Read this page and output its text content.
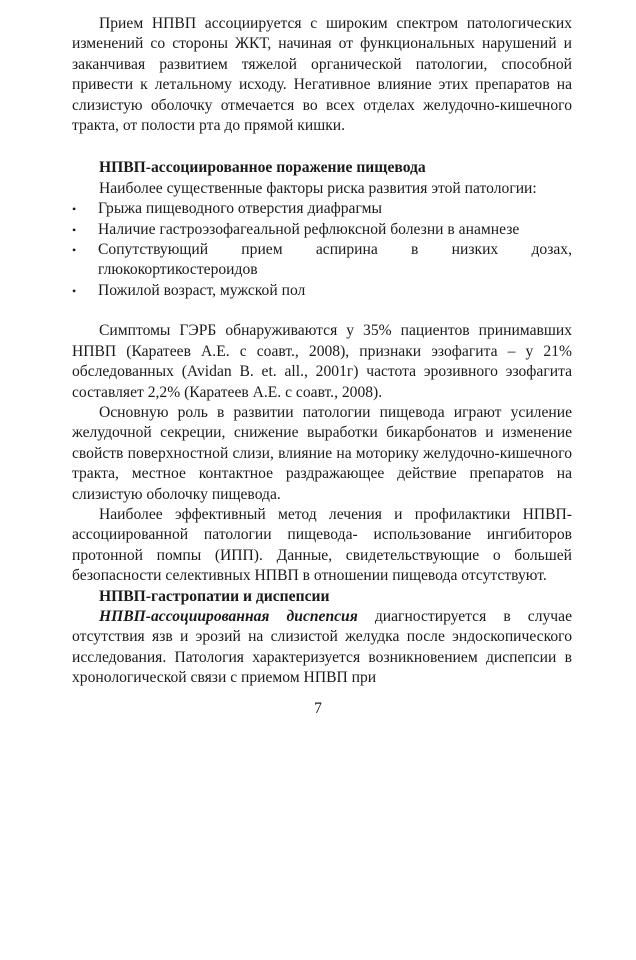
Прием НПВП ассоциируется с широким спектром патологических изменений со стороны ЖКТ, начиная от функциональных нарушений и заканчивая развитием тяжелой органической патологии, способной привести к летальному исходу. Негативное влияние этих препаратов на слизистую оболочку отмечается во всех отделах желудочно-кишечного тракта, от полости рта до прямой кишки.

НПВП-ассоциированное поражение пищевода

Наиболее существенные факторы риска развития этой патологии:

• Грыжа пищеводного отверстия диафрагмы
• Наличие гастроэзофагеальной рефлюксной болезни в анамнезе
• Сопутствующий прием аспирина в низких дозах, глюкокортикостероидов
• Пожилой возраст, мужской пол

Симптомы ГЭРБ обнаруживаются у 35% пациентов принимавших НПВП (Каратеев А.Е. с соавт., 2008), признаки эзофагита – у 21% обследованных (Avidan B. et. all., 2001г) частота эрозивного эзофагита составляет 2,2% (Каратеев А.Е. с соавт., 2008).

Основную роль в развитии патологии пищевода играют усиление желудочной секреции, снижение выработки бикарбонатов и изменение свойств поверхностной слизи, влияние на моторику желудочно-кишечного тракта, местное контактное раздражающее действие препаратов на слизистую оболочку пищевода.

Наиболее эффективный метод лечения и профилактики НПВП-ассоциированной патологии пищевода- использование ингибиторов протонной помпы (ИПП). Данные, свидетельствующие о большей безопасности селективных НПВП в отношении пищевода отсутствуют.

НПВП-гастропатии и диспепсии

НПВП-ассоциированная диспепсия диагностируется в случае отсутствия язв и эрозий на слизистой желудка после эндоскопического исследования. Патология характеризуется возникновением диспепсии в хронологической связи с приемом НПВП при

7
